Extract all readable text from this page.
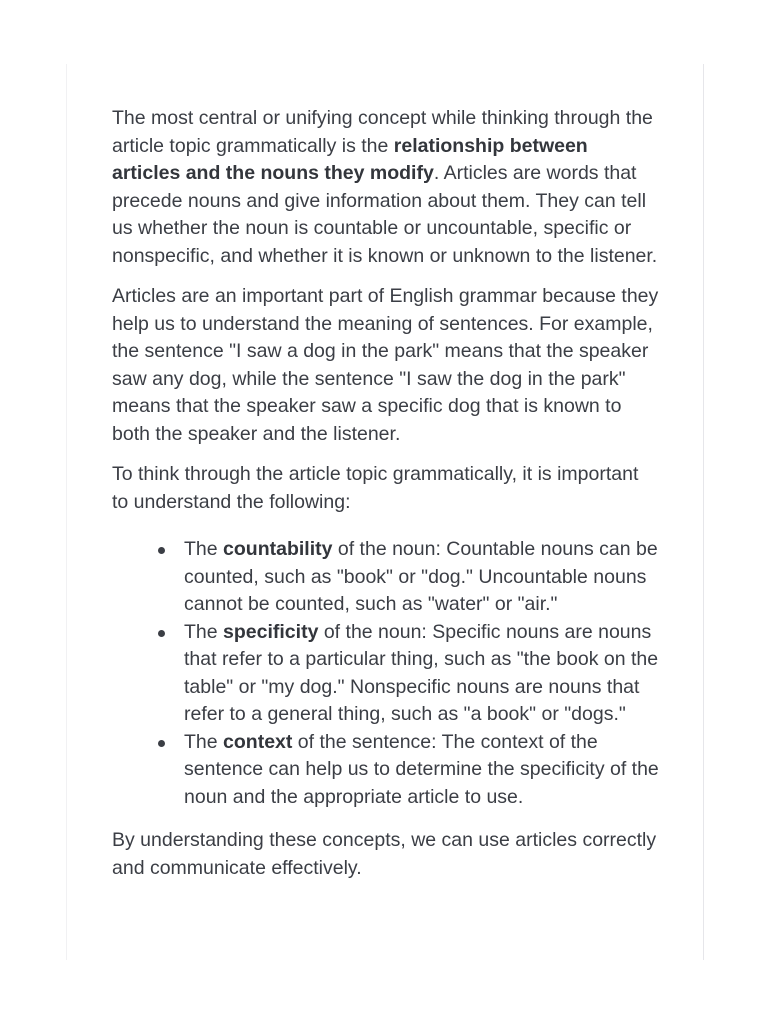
The most central or unifying concept while thinking through the article topic grammatically is the relationship between articles and the nouns they modify. Articles are words that precede nouns and give information about them. They can tell us whether the noun is countable or uncountable, specific or nonspecific, and whether it is known or unknown to the listener.

Articles are an important part of English grammar because they help us to understand the meaning of sentences. For example, the sentence "I saw a dog in the park" means that the speaker saw any dog, while the sentence "I saw the dog in the park" means that the speaker saw a specific dog that is known to both the speaker and the listener.

To think through the article topic grammatically, it is important to understand the following:

The countability of the noun: Countable nouns can be counted, such as "book" or "dog." Uncountable nouns cannot be counted, such as "water" or "air."
The specificity of the noun: Specific nouns are nouns that refer to a particular thing, such as "the book on the table" or "my dog." Nonspecific nouns are nouns that refer to a general thing, such as "a book" or "dogs."
The context of the sentence: The context of the sentence can help us to determine the specificity of the noun and the appropriate article to use.

By understanding these concepts, we can use articles correctly and communicate effectively.
